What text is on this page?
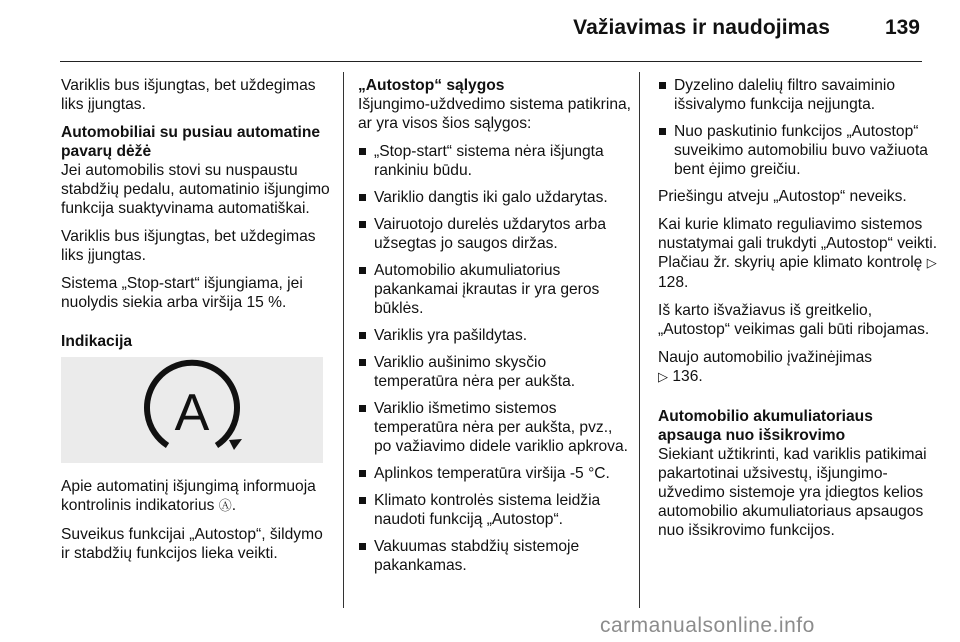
Važiavimas ir naudojimas	139

Variklis bus išjungtas, bet uždegimas liks įjungtas.

Automobiliai su pusiau automatine pavarų dėžė

Jei automobilis stovi su nuspaustu stabdžių pedalu, automatinio išjungimo funkcija suaktyvinama automatiškai.

Variklis bus išjungtas, bet uždegimas liks įjungtas.

Sistema „Stop-start“ išjungiama, jei nuolydis siekia arba viršija 15 %.

Indikacija

A

Apie automatinį išjungimą informuoja kontrolinis indikatorius Ⓐ.

Suveikus funkcijai „Autostop“, šildymo ir stabdžių funkcijos lieka veikti.

„Autostop“ sąlygos

Išjungimo-uždvedimo sistema patikrina, ar yra visos šios sąlygos:

„Stop-start“ sistema nėra išjungta rankiniu būdu.
Variklio dangtis iki galo uždarytas.
Vairuotojo durelės uždarytos arba užsegtas jo saugos diržas.
Automobilio akumuliatorius pakankamai įkrautas ir yra geros būklės.
Variklis yra pašildytas.
Variklio aušinimo skysčio temperatūra nėra per aukšta.
Variklio išmetimo sistemos temperatūra nėra per aukšta, pvz., po važiavimo didele variklio apkrova.
Aplinkos temperatūra viršija -5 °C.
Klimato kontrolės sistema leidžia naudoti funkciją „Autostop“.
Vakuumas stabdžių sistemoje pakankamas.
Dyzelino dalelių filtro savaiminio išsivalymo funkcija neįjungta.
Nuo paskutinio funkcijos „Autostop“ suveikimo automobiliu buvo važiuota bent ėjimo greičiu.

Priešingu atveju „Autostop“ neveiks.

Kai kurie klimato reguliavimo sistemos nustatymai gali trukdyti „Autostop“ veikti. Plačiau žr. skyrių apie klimato kontrolę ▷ 128.

Iš karto išvažiavus iš greitkelio, „Autostop“ veikimas gali būti ribojamas.

Naujo automobilio įvažinėjimas
▷ 136.

Automobilio akumuliatoriaus apsauga nuo išsikrovimo

Siekiant užtikrinti, kad variklis patikimai pakartotinai užsivestų, išjungimo-užvedimo sistemoje yra įdiegtos kelios automobilio akumuliatoriaus apsaugos nuo išsikrovimo funkcijos.

carmanualsonline.info
